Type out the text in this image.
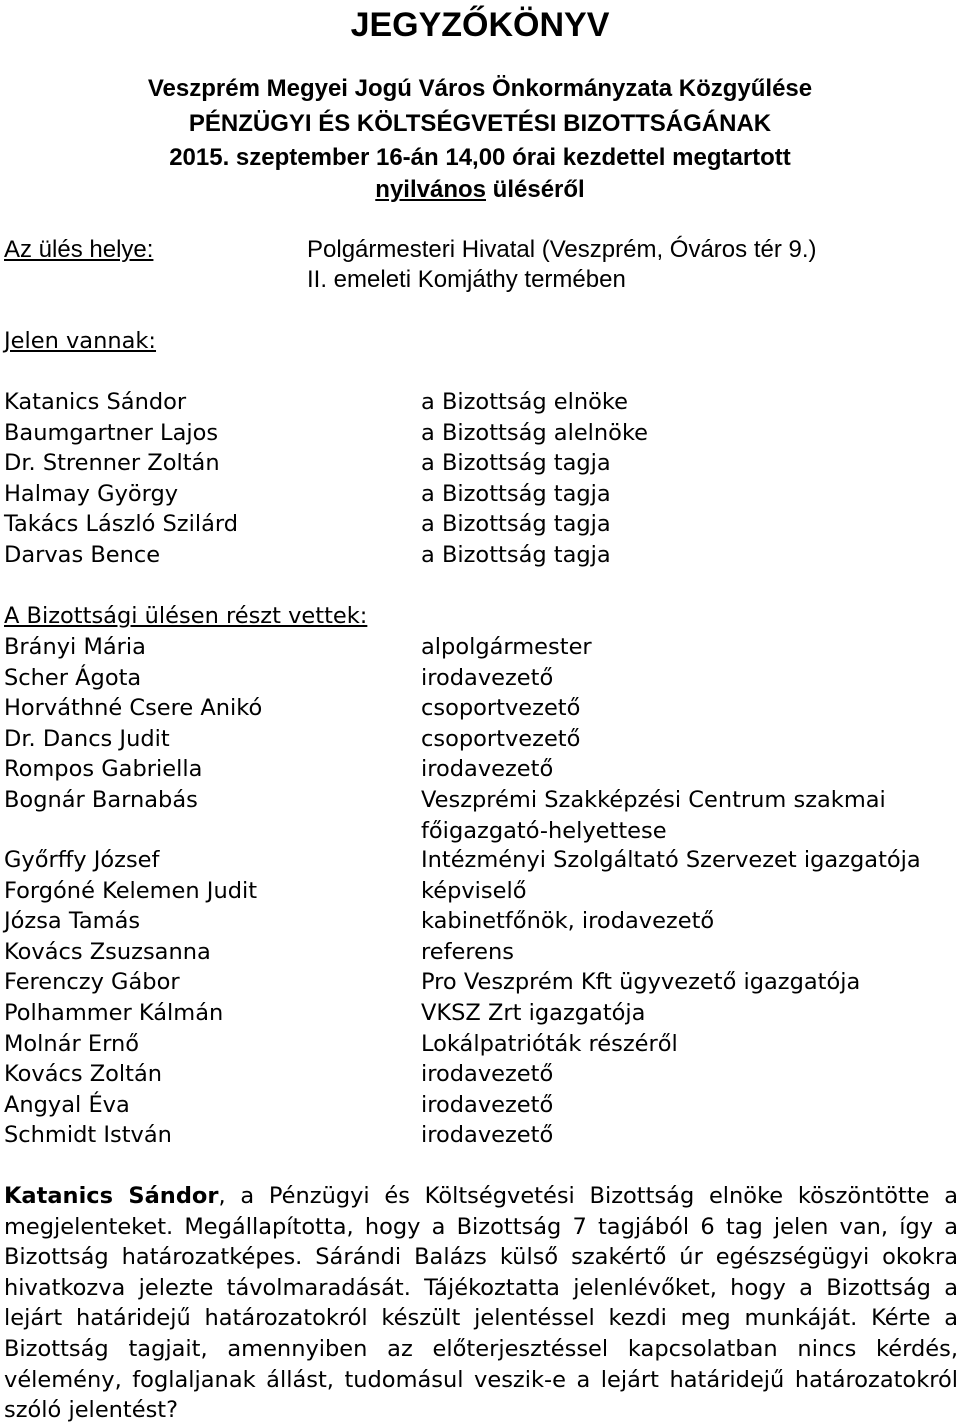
JEGYZŐKÖNYV
Veszprém Megyei Jogú Város Önkormányzata Közgyűlése
PÉNZÜGYI ÉS KÖLTSÉGVETÉSI BIZOTTSÁGÁNAK
2015. szeptember 16-án 14,00 órai kezdettel megtartott
nyilvános üléséről
Az ülés helye:	Polgármesteri Hivatal (Veszprém, Óváros tér 9.)
II. emeleti Komjáthy termében
Jelen vannak:
Katanics Sándor
Baumgartner Lajos
Dr. Strenner Zoltán
Halmay György
Takács László Szilárd
Darvas Bence
a Bizottság elnöke
a Bizottság alelnöke
a Bizottság tagja
a Bizottság tagja
a Bizottság tagja
a Bizottság tagja
A Bizottsági ülésen részt vettek:
Brányi Mária
Scher Ágota
Horváthné Csere Anikó
Dr. Dancs Judit
Rompos Gabriella
Bognár Barnabás
alpolgármester
irodavezető
csoportvezető
csoportvezető
irodavezető
Veszprémi Szakképzési Centrum szakmai
főigazgató-helyettese
Győrffy József
Forgóné Kelemen Judit
Józsa Tamás
Kovács Zsuzsanna
Ferenczy Gábor
Polhammer Kálmán
Molnár Ernő
Kovács Zoltán
Angyal Éva
Schmidt István
Intézményi Szolgáltató Szervezet igazgatója
képviselő
kabinetfőnök, irodavezető
referens
Pro Veszprém Kft ügyvezető igazgatója
VKSZ Zrt igazgatója
Lokálpatrióták részéről
irodavezető
irodavezető
irodavezető
Katanics Sándor, a Pénzügyi és Költségvetési Bizottság elnöke köszöntötte a megjelenteket. Megállapította, hogy a Bizottság 7 tagjából 6 tag jelen van, így a Bizottság határozatképes. Sárándi Balázs külső szakértő úr egészségügyi okokra hivatkozva jelezte távolmaradását. Tájékoztatta jelenlévőket, hogy a Bizottság a lejárt határidejű határozatokról készült jelentéssel kezdi meg munkáját. Kérte a Bizottság tagjait, amennyiben az előterjesztéssel kapcsolatban nincs kérdés, vélemény, foglaljanak állást, tudomásul veszik-e a lejárt határidejű határozatokról szóló jelentést?
